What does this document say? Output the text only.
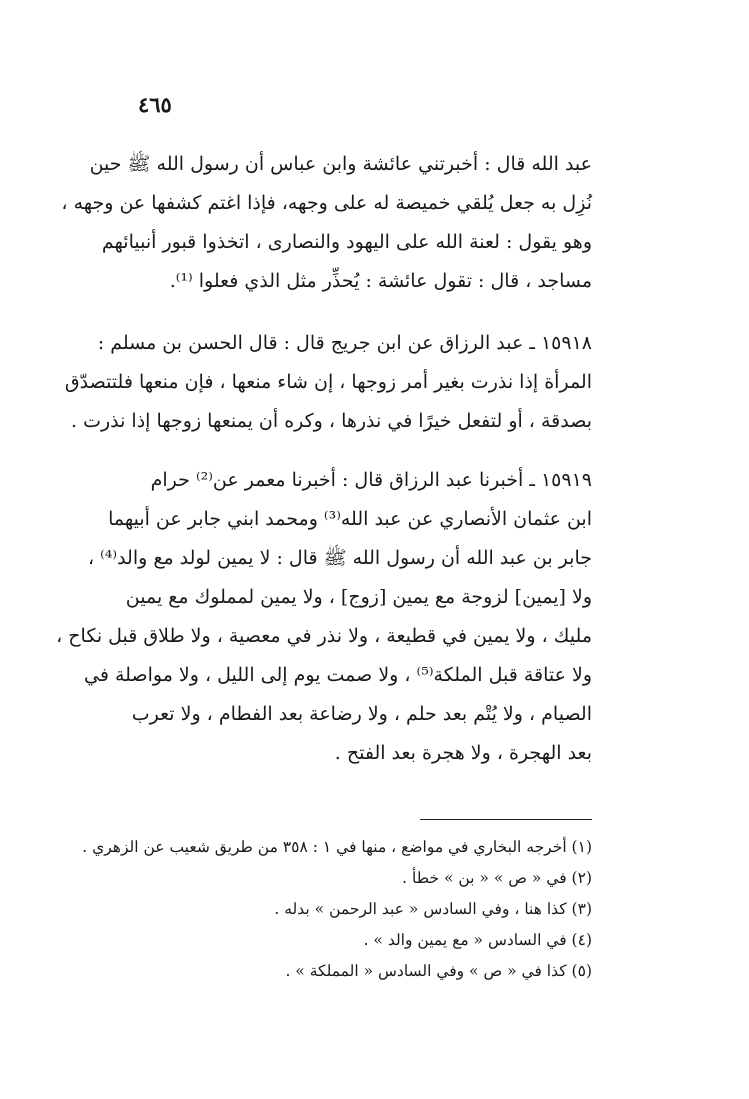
٤٦٥
عبد الله قال : أخبرتني عائشة وابن عباس أن رسول الله ﷺ حين
نُزِل به جعل يُلقي خميصة له على وجهه، فإذا اغتم كشفها عن وجهه ،
وهو يقول : لعنة الله على اليهود والنصارى ، اتخذوا قبور أنبيائهم
مساجد ، قال : تقول عائشة : يُحذِّر مثل الذي فعلوا ⁽¹⁾.
١٥٩١٨ ـ عبد الرزاق عن ابن جريج قال : قال الحسن بن مسلم :
المرأة إذا نذرت بغير أمر زوجها ، إن شاء منعها ، فإن منعها فلتتصدّق
بصدقة ، أو لتفعل خيرًا في نذرها ، وكره أن يمنعها زوجها إذا نذرت .
١٥٩١٩ ـ أخبرنا عبد الرزاق قال : أخبرنا معمر عن⁽²⁾ حرام
ابن عثمان الأنصاري عن عبد الله⁽³⁾ ومحمد ابني جابر عن أبيهما
جابر بن عبد الله أن رسول الله ﷺ قال : لا يمين لولد مع والد⁽⁴⁾ ،
ولا [يمين] لزوجة مع يمين [زوج] ، ولا يمين لمملوك مع يمين
مليك ، ولا يمين في قطيعة ، ولا نذر في معصية ، ولا طلاق قبل نكاح ،
ولا عتاقة قبل الملكة⁽⁵⁾ ، ولا صمت يوم إلى الليل ، ولا مواصلة في
الصيام ، ولا يُتْم بعد حلم ، ولا رضاعة بعد الفطام ، ولا تعرب
بعد الهجرة ، ولا هجرة بعد الفتح .
(١) أخرجه البخاري في مواضع ، منها في ١ : ٣٥٨ من طريق شعيب عن الزهري .
(٢) في « ص » « بن » خطأ .
(٣) كذا هنا ، وفي السادس « عبد الرحمن » بدله .
(٤) في السادس « مع يمين والد » .
(٥) كذا في « ص » وفي السادس « المملكة » .
